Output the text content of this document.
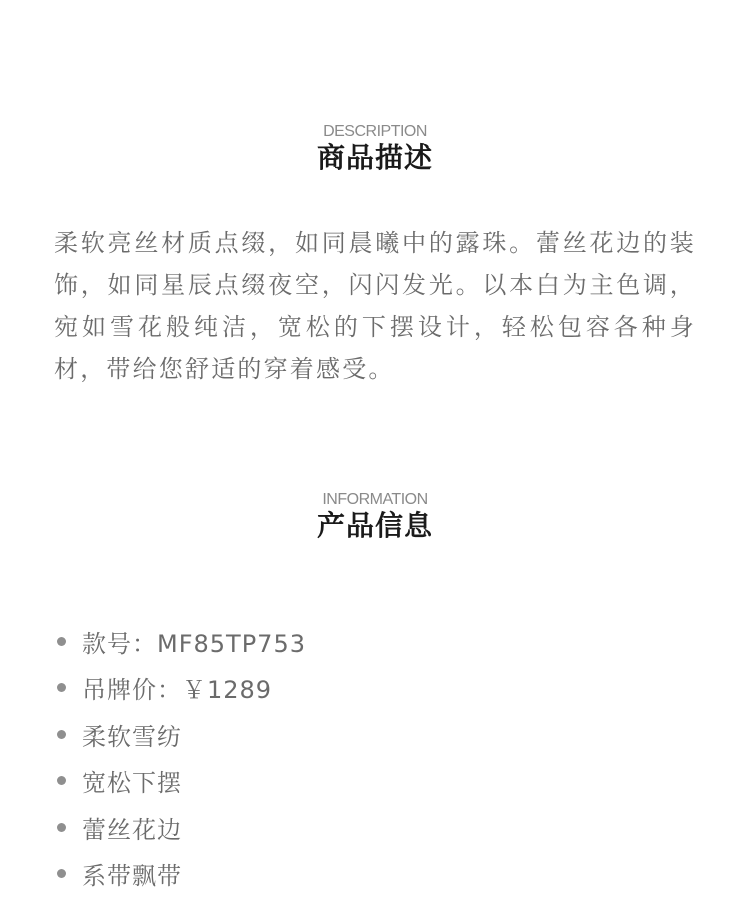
DESCRIPTION
商品描述

柔软亮丝材质点缀，如同晨曦中的露珠。蕾丝花边的装饰，如同星辰点缀夜空，闪闪发光。以本白为主色调，宛如雪花般纯洁，宽松的下摆设计，轻松包容各种身材，带给您舒适的穿着感受。

INFORMATION
产品信息
款号：MF85TP753
吊牌价：￥1289
柔软雪纺
宽松下摆
蕾丝花边
系带飘带
